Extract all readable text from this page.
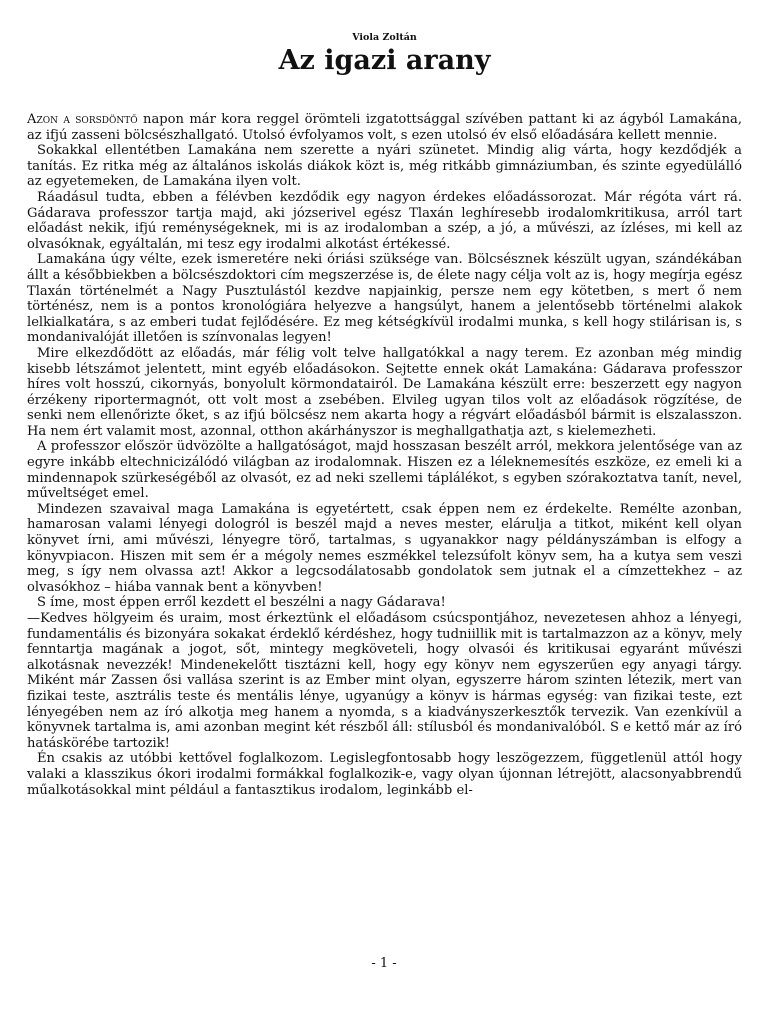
Viola Zoltán
Az igazi arany

Azon a sorsdöntő napon már kora reggel örömteli izgatottsággal szívében pattant ki az ágyból Lamakána, az ifjú zasseni bölcsészhallgató. Utolsó évfolyamos volt, s ezen utolsó év első előadására kellett mennie.

Sokakkal ellentétben Lamakána nem szerette a nyári szünetet. Mindig alig várta, hogy kezdődjék a tanítás. Ez ritka még az általános iskolás diákok közt is, még ritkább gimnáziumban, és szinte egyedülálló az egyetemeken, de Lamakána ilyen volt.

Ráadásul tudta, ebben a félévben kezdődik egy nagyon érdekes előadássorozat. Már régóta várt rá. Gádarava professzor tartja majd, aki józserivel egész Tlaxán leghíresebb irodalomkritikusa, arról tart előadást nekik, ifjú reménységeknek, mi is az irodalomban a szép, a jó, a művészi, az ízléses, mi kell az olvasóknak, egyáltalán, mi tesz egy irodalmi alkotást értékessé.

Lamakána úgy vélte, ezek ismeretére neki óriási szüksége van. Bölcsésznek készült ugyan, szándékában állt a későbbiekben a bölcsészdoktori cím megszerzése is, de élete nagy célja volt az is, hogy megírja egész Tlaxán történelmét a Nagy Pusztulástól kezdve napjainkig, persze nem egy kötetben, s mert ő nem történész, nem is a pontos kronológiára helyezve a hangsúlyt, hanem a jelentősebb történelmi alakok lelkialkatára, s az emberi tudat fejlődésére. Ez meg kétségkívül irodalmi munka, s kell hogy stilárisan is, s mondanivalóját illetően is színvonalas legyen!

Mire elkezdődött az előadás, már félig volt telve hallgatókkal a nagy terem. Ez azonban még mindig kisebb létszámot jelentett, mint egyéb előadásokon. Sejtette ennek okát Lamakána: Gádarava professzor híres volt hosszú, cikornyás, bonyolult körmondatairól. De Lamakána készült erre: beszerzett egy nagyon érzékeny riportermagnót, ott volt most a zsebében. Elvileg ugyan tilos volt az előadások rögzítése, de senki nem ellenőrizte őket, s az ifjú bölcsész nem akarta hogy a régvárt előadásból bármit is elszalasszon. Ha nem ért valamit most, azonnal, otthon akárhányszor is meghallgathatja azt, s kielemezheti.

A professzor először üdvözölte a hallgatóságot, majd hosszasan beszélt arról, mekkora jelentősége van az egyre inkább eltechnicizálódó világban az irodalomnak. Hiszen ez a léleknemesítés eszköze, ez emeli ki a mindennapok szürkeségéből az olvasót, ez ad neki szellemi táplálékot, s egyben szórakoztatva tanít, nevel, műveltséget emel.

Mindezen szavaival maga Lamakána is egyetértett, csak éppen nem ez érdekelte. Remélte azonban, hamarosan valami lényegi dologról is beszél majd a neves mester, elárulja a titkot, miként kell olyan könyvet írni, ami művészi, lényegre törő, tartalmas, s ugyanakkor nagy példányszámban is elfogy a könyvpiacon. Hiszen mit sem ér a mégoly nemes eszmékkel telezsúfolt könyv sem, ha a kutya sem veszi meg, s így nem olvassa azt! Akkor a legcsodálatosabb gondolatok sem jutnak el a címzettekhez – az olvasókhoz – hiába vannak bent a könyvben!

S íme, most éppen erről kezdett el beszélni a nagy Gádarava!

—Kedves hölgyeim és uraim, most érkeztünk el előadásom csúcspontjához, nevezetesen ahhoz a lényegi, fundamentális és bizonyára sokakat érdeklő kérdéshez, hogy tudniillik mit is tartalmazzon az a könyv, mely fenntartja magának a jogot, sőt, mintegy megköveteli, hogy olvasói és kritikusai egyaránt művészi alkotásnak nevezzék! Mindenekelőtt tisztázni kell, hogy egy könyv nem egyszerűen egy anyagi tárgy. Miként már Zassen ősi vallása szerint is az Ember mint olyan, egyszerre három szinten létezik, mert van fizikai teste, asztrális teste és mentális lénye, ugyanúgy a könyv is hármas egység: van fizikai teste, ezt lényegében nem az író alkotja meg hanem a nyomda, s a kiadványszerkesztők tervezik. Van ezenkívül a könyvnek tartalma is, ami azonban megint két részből áll: stílusból és mondanivalóból. S e kettő már az író hatáskörébe tartozik!

Én csakis az utóbbi kettővel foglalkozom. Legislegfontosabb hogy leszögezzem, függetlenül attól hogy valaki a klasszikus ókori irodalmi formákkal foglalkozik-e, vagy olyan újonnan létrejött, alacsonyabbrendű műalkotásokkal mint például a fantasztikus irodalom, leginkább el-

- 1 -
